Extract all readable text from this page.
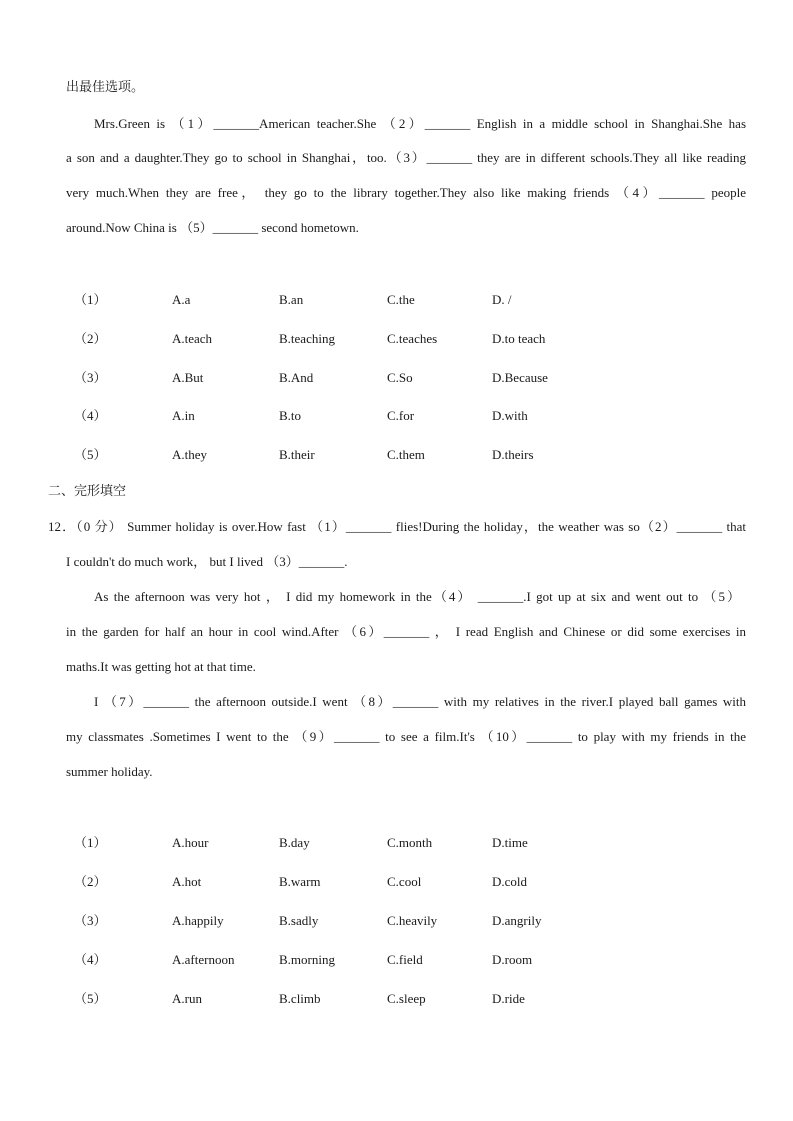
出最佳选项。
Mrs.Green is （1）_______American teacher.She （2）_______ English in a middle school in Shanghai.She has
a son and a daughter.They go to school in Shanghai，too.（3）_______ they are in different schools.They all like reading
very much.When they are free， they go to the library together.They also like making friends （4）_______ people
around.Now China is （5）_______ second hometown.
（1）	A.a	B.an	C.the	D. /
（2）	A.teach	B.teaching	C.teaches	D.to teach
（3）	A.But	B.And	C.So	D.Because
（4）	A.in	B.to	C.for	D.with
（5）	A.they	B.their	C.them	D.theirs
二、完形填空
12．（0 分） Summer holiday is over.How fast （1）_______ flies!During the holiday，the weather was so（2）_______ that
I couldn't do much work， but I lived （3）_______.
As the afternoon was very hot ， I did my homework in the（4） _______.I got up at six and went out to （5）
in the garden for half an hour in cool wind.After （6）_______ ， I read English and Chinese or did some exercises in
maths.It was getting hot at that time.
I （7）_______ the afternoon outside.I went （8）_______ with my relatives in the river.I played ball games with
my classmates .Sometimes I went to the （9）_______ to see a film.It's （10）_______ to play with my friends in the
summer holiday.
（1）	A.hour	B.day	C.month	D.time
（2）	A.hot	B.warm	C.cool	D.cold
（3）	A.happily	B.sadly	C.heavily	D.angrily
（4）	A.afternoon	B.morning	C.field	D.room
（5）	A.run	B.climb	C.sleep	D.ride
